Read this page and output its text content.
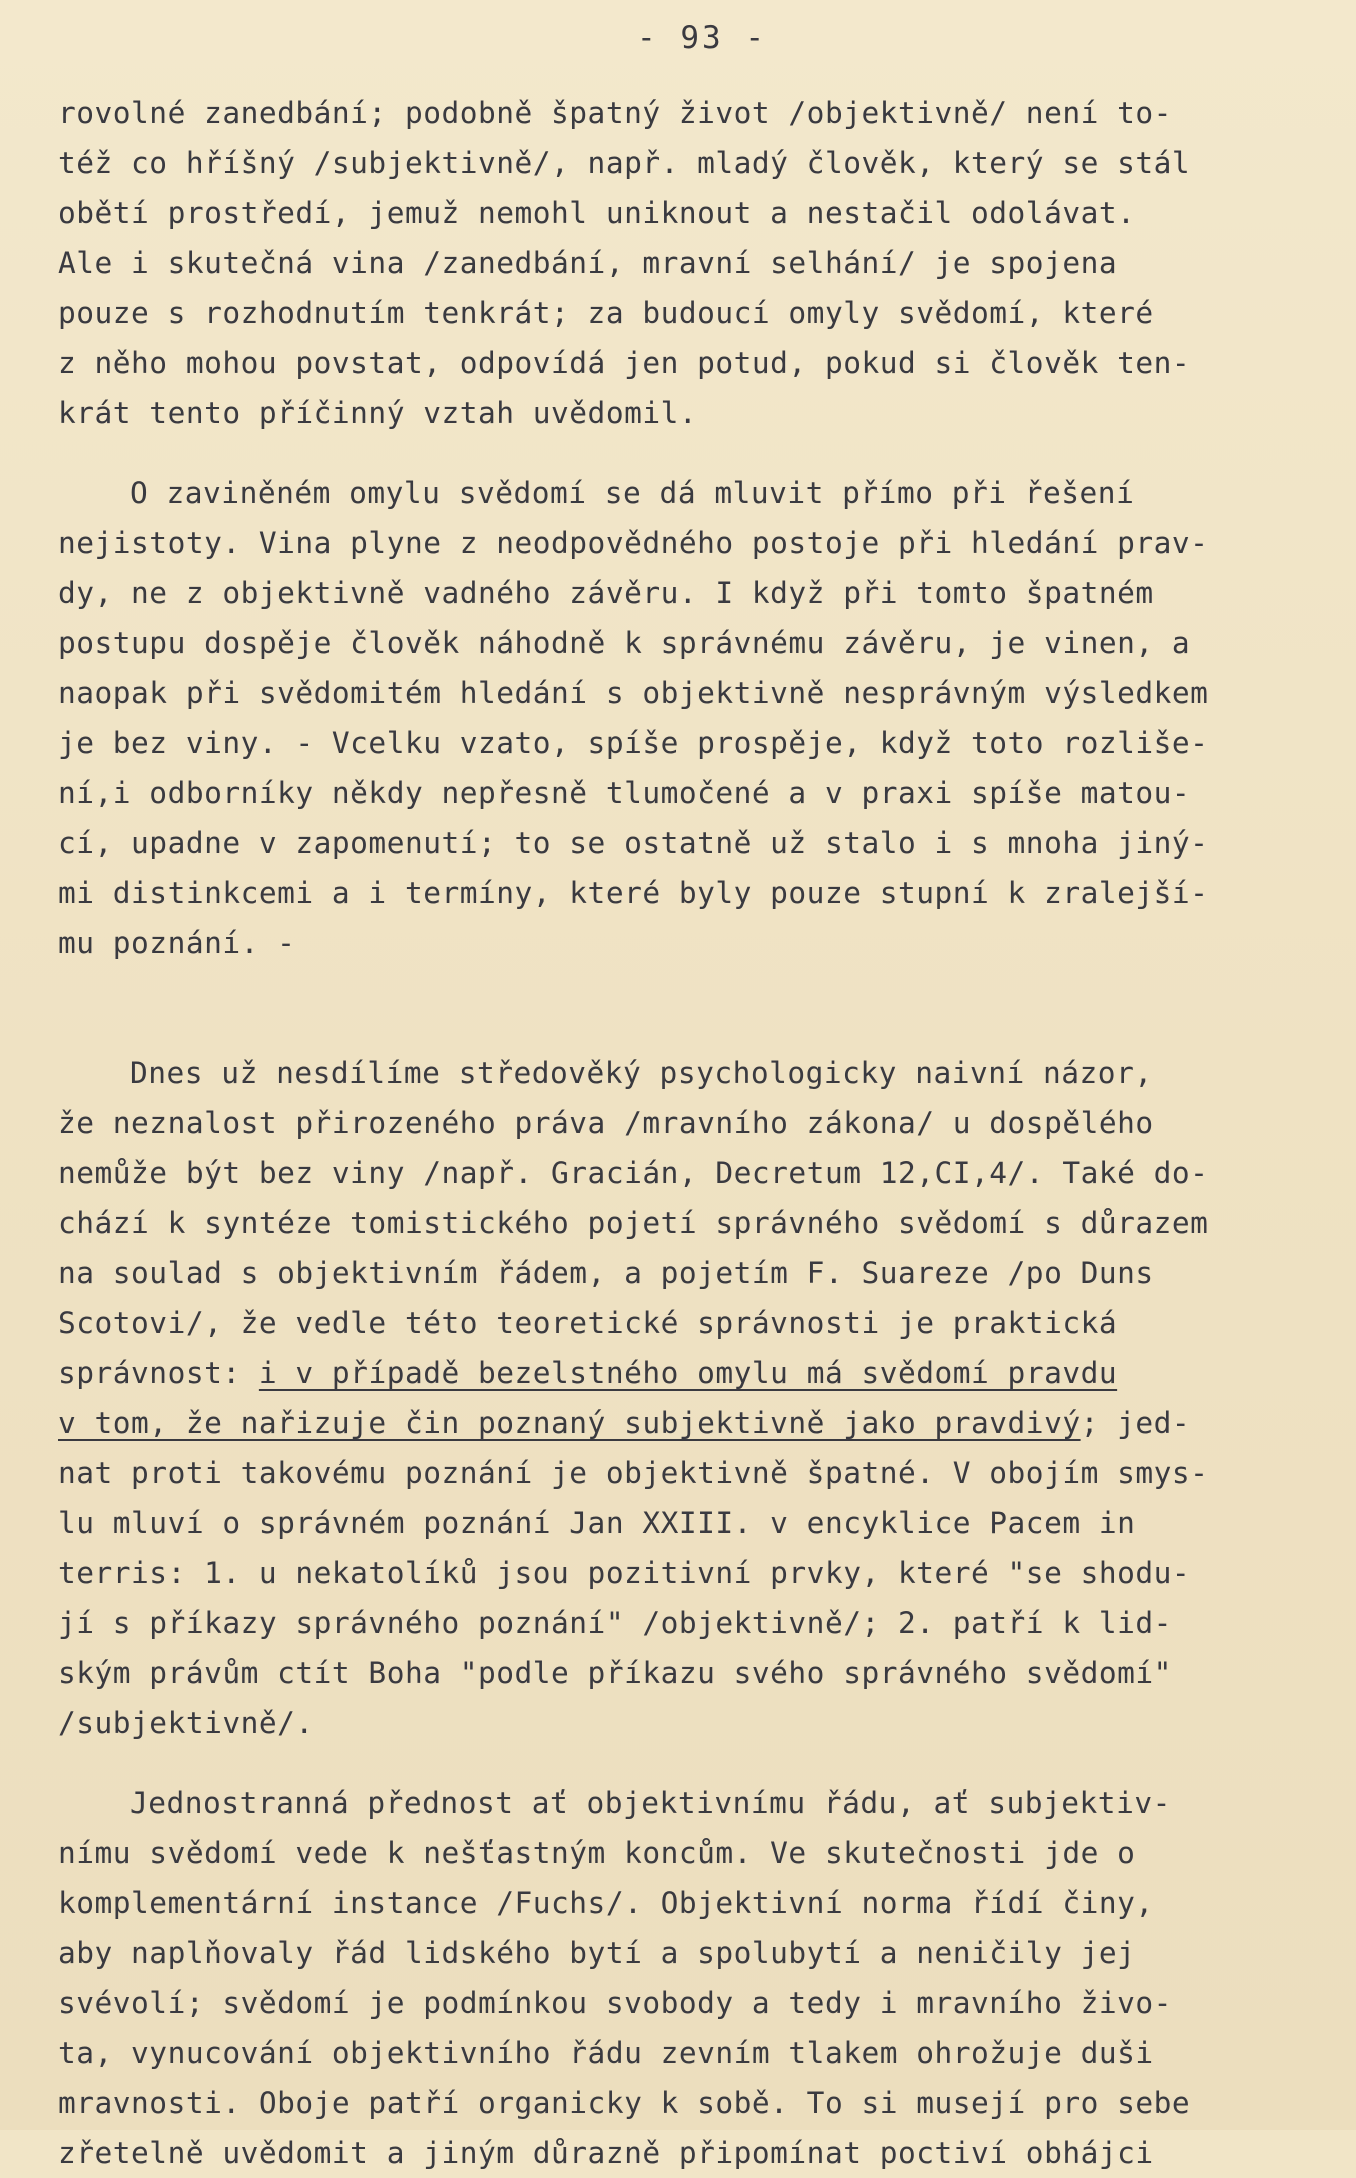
- 93 -
rovolné zanedbání; podobně špatný život /objektivně/ není to-
též co hříšný /subjektivně/, např. mladý člověk, který se stál
obětí prostředí, jemuž nemohl uniknout a nestačil odolávat.
Ale i skutečná vina /zanedbání, mravní selhání/ je spojena
pouze s rozhodnutím tenkrát; za budoucí omyly svědomí, které
z něho mohou povstat, odpovídá jen potud, pokud si člověk ten-
krát tento příčinný vztah uvědomil.
O zaviněném omylu svědomí se dá mluvit přímo při řešení
nejistoty. Vina plyne z neodpovědného postoje při hledání prav-
dy, ne z objektivně vadného závěru. I když při tomto špatném
postupu dospěje člověk náhodně k správnému závěru, je vinen, a
naopak při svědomitém hledání s objektivně nesprávným výsledkem
je bez viny. - Vcelku vzato, spíše prospěje, když toto rozliše-
ní,i odborníky někdy nepřesně tlumočené a v praxi spíše matou-
cí, upadne v zapomenutí; to se ostatně už stalo i s mnoha jiný-
mi distinkcemi a i termíny, které byly pouze stupní k zralejší-
mu poznání. -
Dnes už nesdílíme středověký psychologicky naivní názor,
že neznalost přirozeného práva /mravního zákona/ u dospělého
nemůže být bez viny /např. Gracián, Decretum 12,CI,4/. Také do-
chází k syntéze tomistického pojetí správného svědomí s důrazem
na soulad s objektivním řádem, a pojetím F. Suareze /po Duns
Scotovi/, že vedle této teoretické správnosti je praktická
správnost: i v případě bezelstného omylu má svědomí pravdu
v tom, že nařizuje čin poznaný subjektivně jako pravdivý; jed-
nat proti takovému poznání je objektivně špatné. V obojím smys-
lu mluví o správném poznání Jan XXIII. v encyklice Pacem in
terris: 1. u nekatolíků jsou pozitivní prvky, které "se shodu-
jí s příkazy správného poznání" /objektivně/; 2. patří k lid-
ským právům ctít Boha "podle příkazu svého správného svědomí"
/subjektivně/.
Jednostranná přednost ať objektivnímu řádu, ať subjektiv-
nímu svědomí vede k nešťastným koncům. Ve skutečnosti jde o
komplementární instance /Fuchs/. Objektivní norma řídí činy,
aby naplňovaly řád lidského bytí a spolubytí a neničily jej
svévolí; svědomí je podmínkou svobody a tedy i mravního živo-
ta, vynucování objektivního řádu zevním tlakem ohrožuje duši
mravnosti. Oboje patří organicky k sobě. To si musejí pro sebe
zřetelně uvědomit a jiným důrazně připomínat poctiví obhájci
